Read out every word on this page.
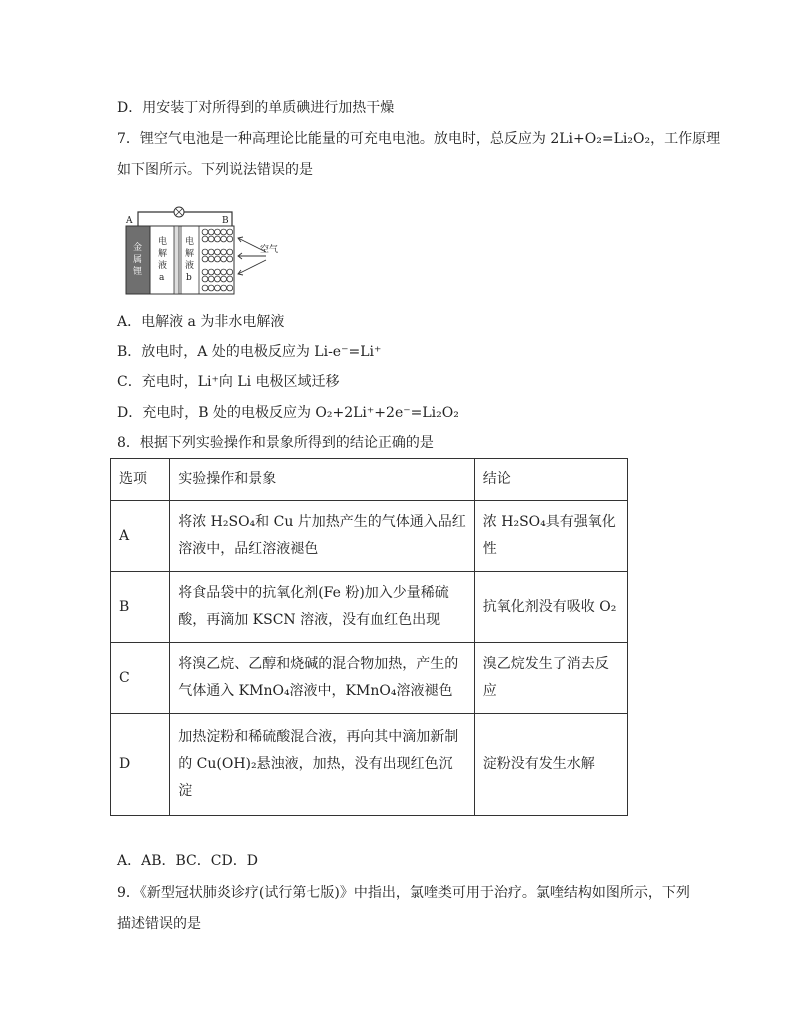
D．用安装丁对所得到的单质碘进行加热干燥
7．锂空气电池是一种高理论比能量的可充电电池。放电时，总反应为 2Li+O₂=Li₂O₂，工作原理
如下图所示。下列说法错误的是
A	B
金 属 锂
电 解 液 a
电 解 液 b
空气
A．电解液 a 为非水电解液
B．放电时，A 处的电极反应为 Li-e⁻=Li⁺
C．充电时，Li⁺向 Li 电极区域迁移
D．充电时，B 处的电极反应为 O₂+2Li⁺+2e⁻=Li₂O₂
8．根据下列实验操作和景象所得到的结论正确的是
选项	实验操作和景象	结论
A	将浓 H₂SO₄和 Cu 片加热产生的气体通入品红
溶液中，品红溶液褪色	浓 H₂SO₄具有强氧化性
B	将食品袋中的抗氧化剂(Fe 粉)加入少量稀硫
酸，再滴加 KSCN 溶液，没有血红色出现	抗氧化剂没有吸收 O₂
C	将溴乙烷、乙醇和烧碱的混合物加热，产生的
气体通入 KMnO₄溶液中，KMnO₄溶液褪色	溴乙烷发生了消去反应
D	加热淀粉和稀硫酸混合液，再向其中滴加新制
的 Cu(OH)₂悬浊液，加热，没有出现红色沉
淀	淀粉没有发生水解
A．AB．BC．CD．D
9．《新型冠状肺炎诊疗(试行第七版)》中指出，氯喹类可用于治疗。氯喹结构如图所示，下列
描述错误的是
